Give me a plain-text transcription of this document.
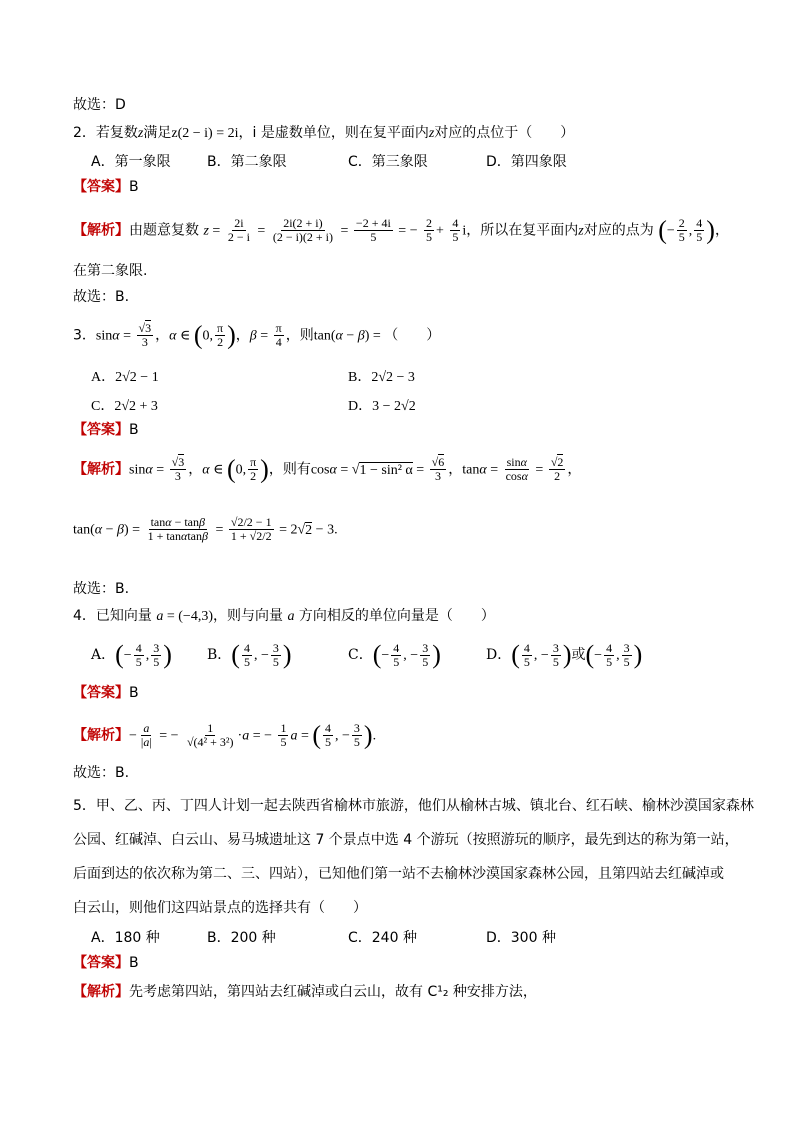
故选：D
2．若复数z满足z(2 − i) = 2i，i 是虚数单位，则在复平面内z对应的点位于（　　）
A．第一象限	B．第二象限	C．第三象限	D．第四象限
【答案】B
【解析】由题意复数 $z = \frac{2i}{2 - i} = \frac{2i(2 + i)}{(2 - i)(2 + i)} = \frac{-2 + 4i}{5}$ = − $\frac{2}{5} + \frac{4}{5}$ i，所以在复平面内z对应的点为 (− $\frac{2}{5}$ , $\frac{4}{5}$ )，
在第二象限.
故选：B.
3．$\sin\alpha = \frac{√3}{3}$ ，α ∈ (0, $\frac{\pi}{2}$ )，$\beta = \frac{\pi}{4}$ ，则tan(α − β) = （　　）
A．2√2 − 1	B．2√2 − 3
C．2√2 + 3	D．3 − 2√2
【答案】B
【解析】$\sin\alpha = \frac{√3}{3}$ ，α ∈ (0, $\frac{\pi}{2}$ )，则有cosα = √1 − sin² $\alpha = \frac{√6}{3}$ ，$\tan\alpha = \frac{\sin\alpha}{\cos\alpha} = \frac{√2}{2}$ ，
$\tan(\alpha - \beta) = \frac{\tan\alpha - \tan\beta}{1 + \tan\alpha\tan\beta} = \frac{√2/2 - 1}{1 + √2/2} = 2√2 - 3$.
故选：B.
4．已知向量 a = (−4,3)，则与向量 a 方向相反的单位向量是（　　）
A．(− $\frac{4}{5}$ , $\frac{3}{5}$ )	B．( $\frac{4}{5}$ , − $\frac{3}{5}$ )	C．(− $\frac{4}{5}$ , − $\frac{3}{5}$ )	D．( $\frac{4}{5}$ , − $\frac{3}{5}$ )或(− $\frac{4}{5}$ , $\frac{3}{5}$ )
【答案】B
【解析】− $\frac{a}{|a|}$ = − $\frac{1}{\text{√(4² + 3²)}} \cdot a$ = − $\frac{1}{5}$ a = ( $\frac{4}{5}$ , − $\frac{3}{5}$ ).
故选：B.
5．甲、乙、丙、丁四人计划一起去陕西省榆林市旅游，他们从榆林古城、镇北台、红石峡、榆林沙漠国家森林
公园、红碱淖、白云山、易马城遗址这 7 个景点中选 4 个游玩（按照游玩的顺序，最先到达的称为第一站，
后面到达的依次称为第二、三、四站），已知他们第一站不去榆林沙漠国家森林公园，且第四站去红碱淖或
白云山，则他们这四站景点的选择共有（　　）
A．180 种	B．200 种	C．240 种	D．300 种
【答案】B
【解析】先考虑第四站，第四站去红碱淖或白云山，故有 C¹₂ 种安排方法，
